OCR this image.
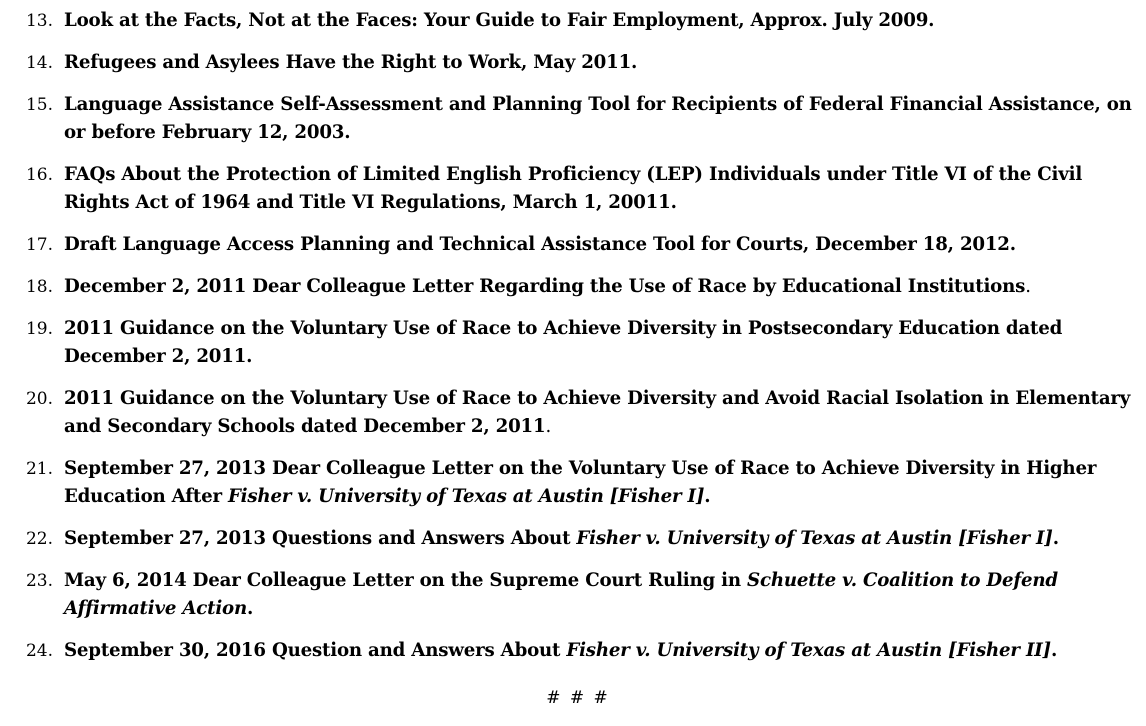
13. Look at the Facts, Not at the Faces: Your Guide to Fair Employment, Approx. July 2009.
14. Refugees and Asylees Have the Right to Work, May 2011.
15. Language Assistance Self-Assessment and Planning Tool for Recipients of Federal Financial Assistance, on or before February 12, 2003.
16. FAQs About the Protection of Limited English Proficiency (LEP) Individuals under Title VI of the Civil Rights Act of 1964 and Title VI Regulations, March 1, 20011.
17. Draft Language Access Planning and Technical Assistance Tool for Courts, December 18, 2012.
18. December 2, 2011 Dear Colleague Letter Regarding the Use of Race by Educational Institutions.
19. 2011 Guidance on the Voluntary Use of Race to Achieve Diversity in Postsecondary Education dated December 2, 2011.
20. 2011 Guidance on the Voluntary Use of Race to Achieve Diversity and Avoid Racial Isolation in Elementary and Secondary Schools dated December 2, 2011.
21. September 27, 2013 Dear Colleague Letter on the Voluntary Use of Race to Achieve Diversity in Higher Education After Fisher v. University of Texas at Austin [Fisher I].
22. September 27, 2013 Questions and Answers About Fisher v. University of Texas at Austin [Fisher I].
23. May 6, 2014 Dear Colleague Letter on the Supreme Court Ruling in Schuette v. Coalition to Defend Affirmative Action.
24. September 30, 2016 Question and Answers About Fisher v. University of Texas at Austin [Fisher II].
# # #
